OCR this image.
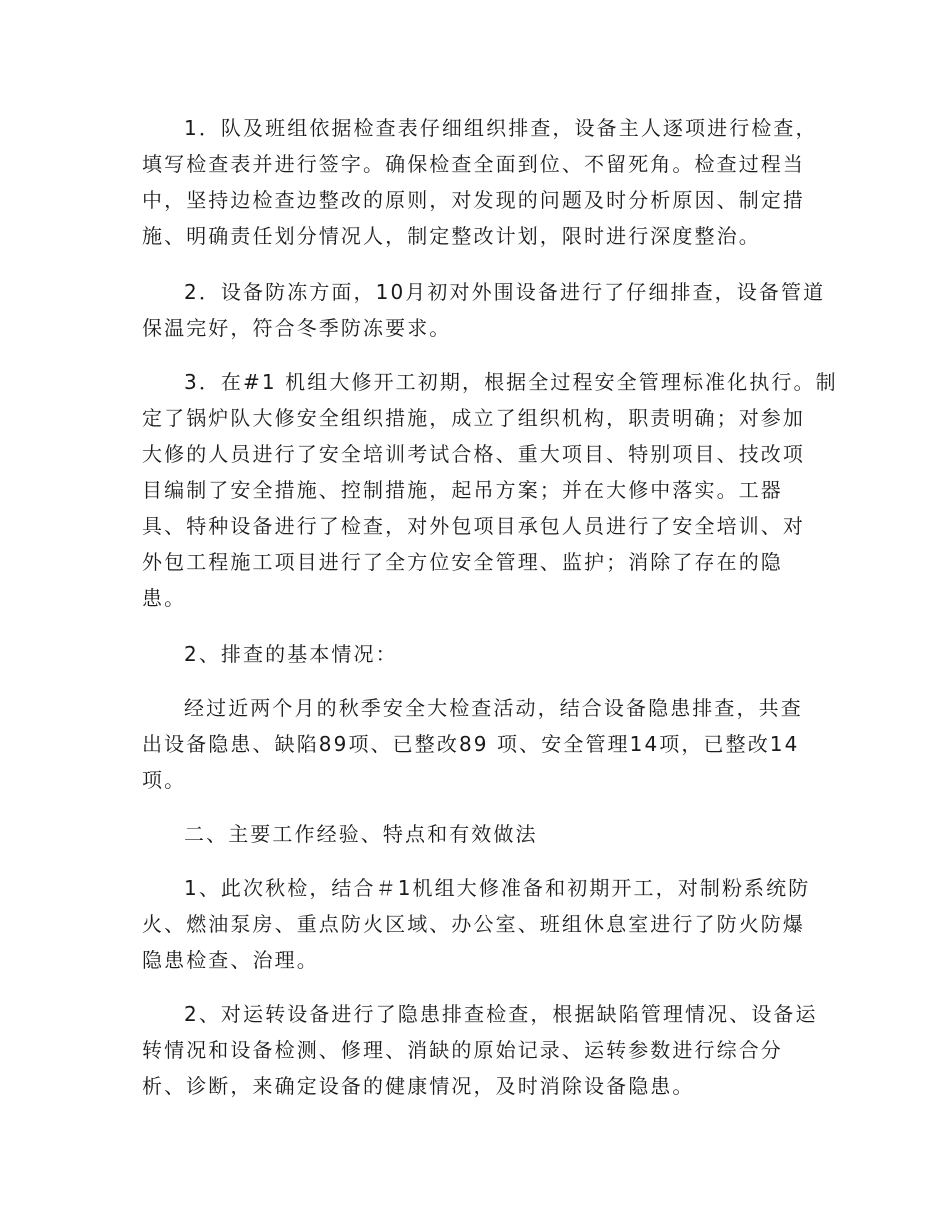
1．队及班组依据检查表仔细组织排查，设备主人逐项进行检查，
填写检查表并进行签字。确保检查全面到位、不留死角。检查过程当
中，坚持边检查边整改的原则，对发现的问题及时分析原因、制定措
施、明确责任划分情况人，制定整改计划，限时进行深度整治。
2．设备防冻方面，10月初对外围设备进行了仔细排查，设备管道
保温完好，符合冬季防冻要求。
3．在#1 机组大修开工初期，根据全过程安全管理标准化执行。制
定了锅炉队大修安全组织措施，成立了组织机构，职责明确；对参加
大修的人员进行了安全培训考试合格、重大项目、特别项目、技改项
目编制了安全措施、控制措施，起吊方案；并在大修中落实。工器
具、特种设备进行了检查，对外包项目承包人员进行了安全培训、对
外包工程施工项目进行了全方位安全管理、监护；消除了存在的隐
患。
2、排查的基本情况：
经过近两个月的秋季安全大检查活动，结合设备隐患排查，共查
出设备隐患、缺陷89项、已整改89 项、安全管理14项，已整改14
项。
二、主要工作经验、特点和有效做法
1、此次秋检，结合＃1机组大修准备和初期开工，对制粉系统防
火、燃油泵房、重点防火区域、办公室、班组休息室进行了防火防爆
隐患检查、治理。
2、对运转设备进行了隐患排查检查，根据缺陷管理情况、设备运
转情况和设备检测、修理、消缺的原始记录、运转参数进行综合分
析、诊断，来确定设备的健康情况，及时消除设备隐患。
